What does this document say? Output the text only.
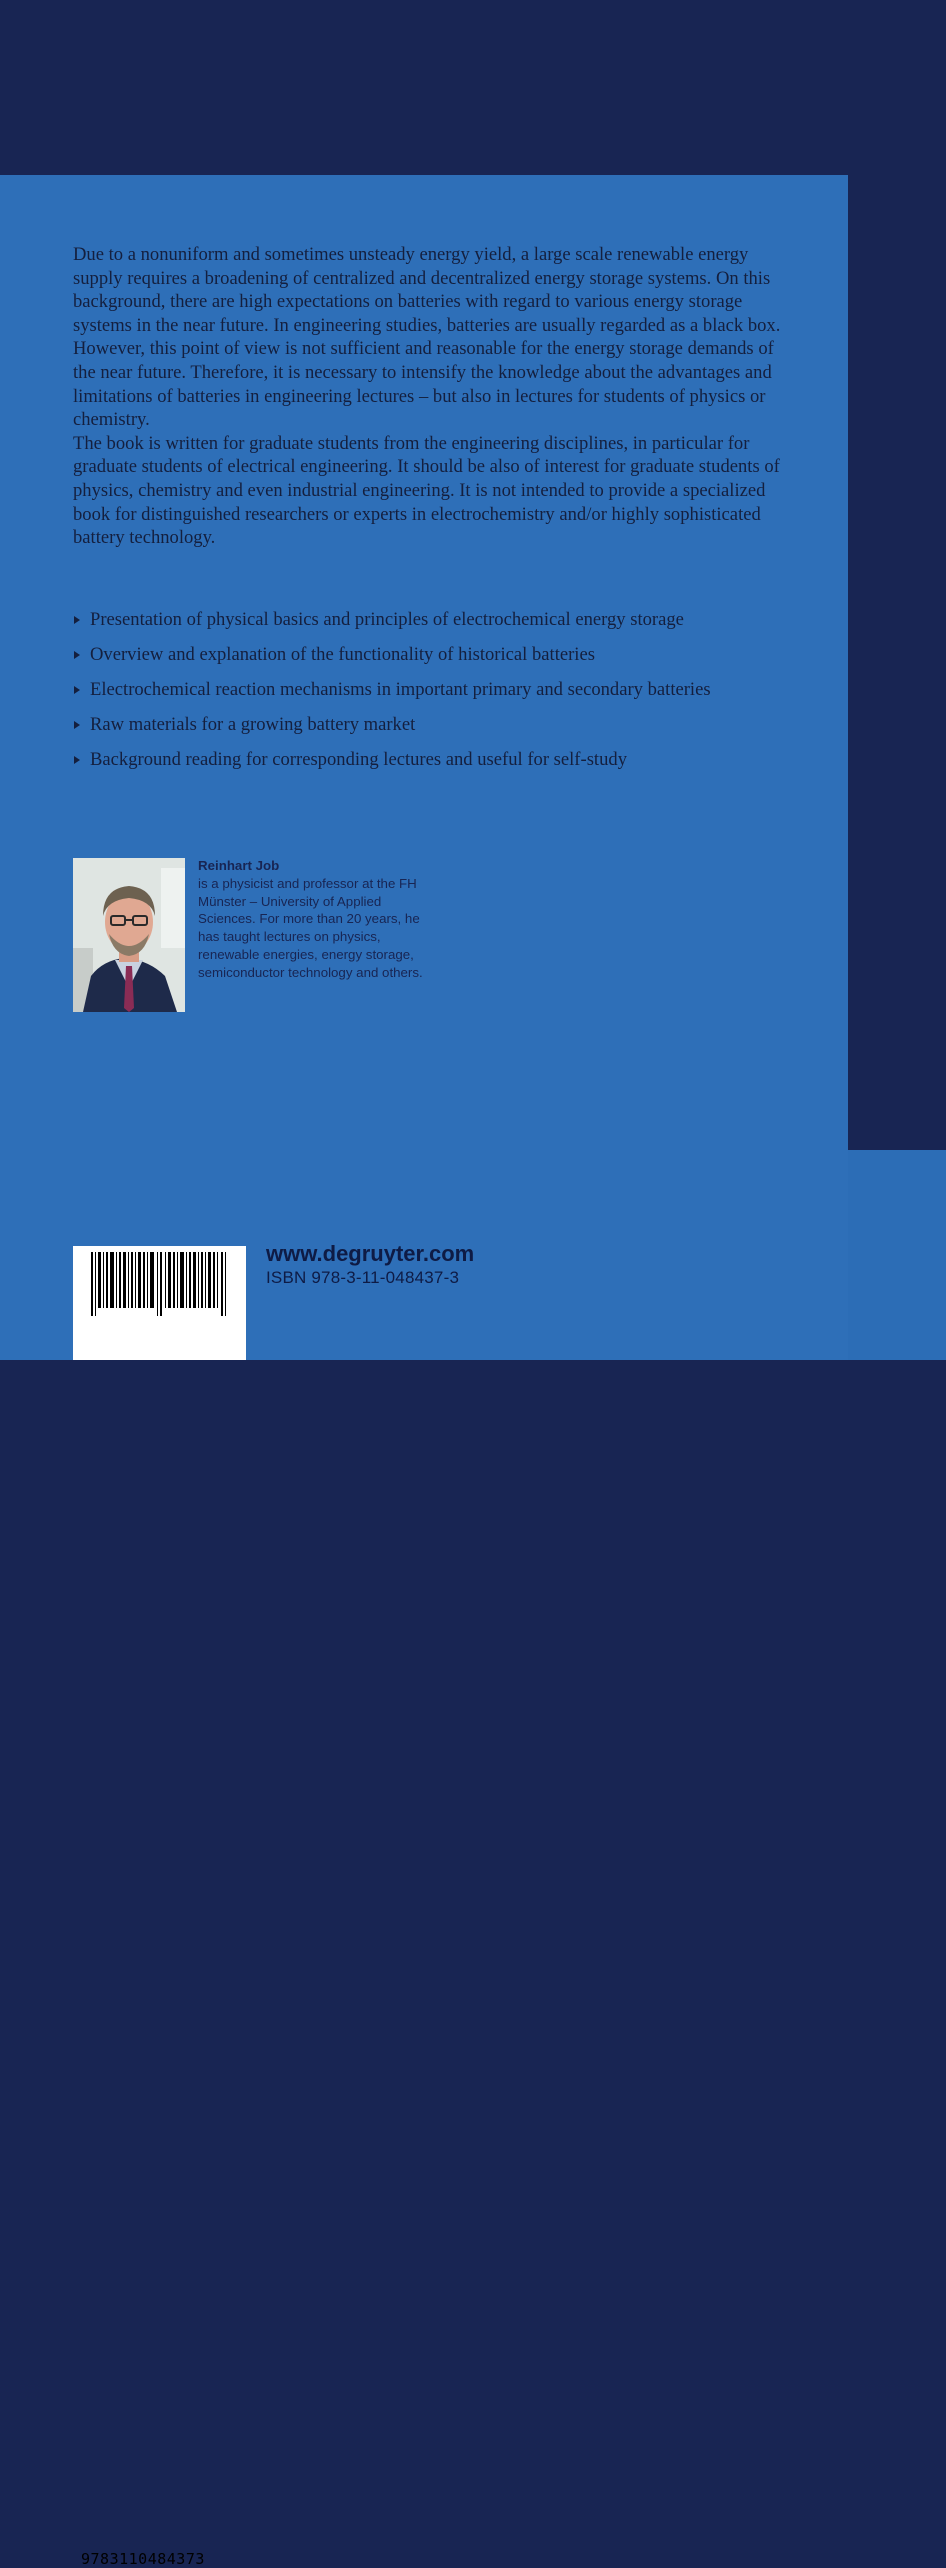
Due to a nonuniform and sometimes unsteady energy yield, a large scale renewable energy supply requires a broadening of centralized and decentralized energy storage systems. On this background, there are high expectations on batteries with regard to various energy storage systems in the near future. In engineering studies, batteries are usually regarded as a black box. However, this point of view is not sufficient and reasonable for the energy storage demands of the near future. Therefore, it is necessary to intensify the knowledge about the advantages and limitations of batteries in engineering lectures – but also in lectures for students of physics or chemistry.

The book is written for graduate students from the engineering disciplines, in particular for graduate students of electrical engineering. It should be also of interest for graduate students of physics, chemistry and even industrial engineering. It is not intended to provide a specialized book for distinguished researchers or experts in electrochemistry and/or highly sophisticated battery technology.

Presentation of physical basics and principles of electrochemical energy storage
Overview and explanation of the functionality of historical batteries
Electrochemical reaction mechanisms in important primary and secondary batteries
Raw materials for a growing battery market
Background reading for corresponding lectures and useful for self-study
Reinhart Job
is a physicist and professor at the FH Münster – University of Applied Sciences. For more than 20 years, he has taught lectures on physics, renewable energies, energy storage, semiconductor technology and others.
9783110484373
www.degruyter.com
ISBN 978-3-11-048437-3
